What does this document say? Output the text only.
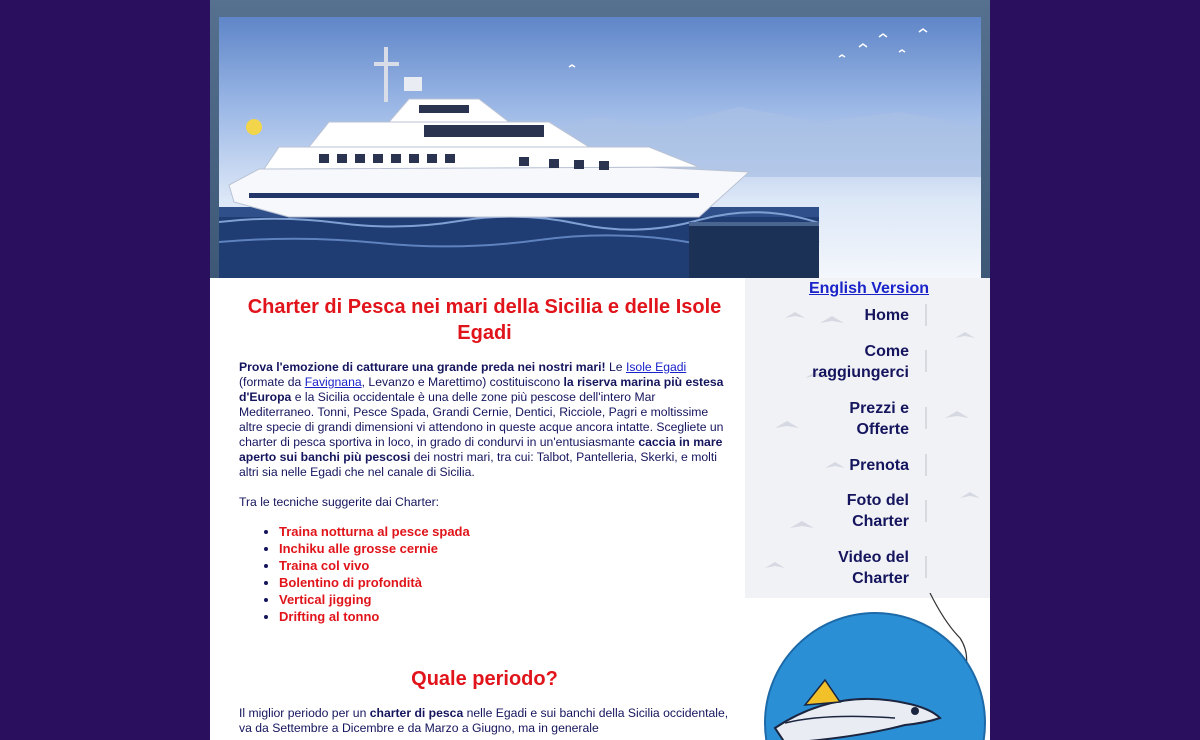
Charter di Pesca nei mari della Sicilia e delle Isole Egadi

Prova l'emozione di catturare una grande preda nei nostri mari! Le Isole Egadi (formate da Favignana, Levanzo e Marettimo) costituiscono la riserva marina più estesa d'Europa e la Sicilia occidentale è una delle zone più pescose dell'intero Mar Mediterraneo. Tonni, Pesce Spada, Grandi Cernie, Dentici, Ricciole, Pagri e moltissime altre specie di grandi dimensioni vi attendono in queste acque ancora intatte. Scegliete un charter di pesca sportiva in loco, in grado di condurvi in un'entusiasmante caccia in mare aperto sui banchi più pescosi dei nostri mari, tra cui: Talbot, Pantelleria, Skerki, e molti altri sia nelle Egadi che nel canale di Sicilia.

Tra le tecniche suggerite dai Charter:

• Traina notturna al pesce spada
• Inchiku alle grosse cernie
• Traina col vivo
• Bolentino di profondità
• Vertical jigging
• Drifting al tonno
Quale periodo?

Il miglior periodo per un charter di pesca nelle Egadi e sui banchi della Sicilia occidentale, va da Settembre a Dicembre e da Marzo a Giugno, ma in generale

English Version
Home
Come
raggiungerci
Prezzi e
Offerte
Prenota
Foto del
Charter
Video del
Charter
